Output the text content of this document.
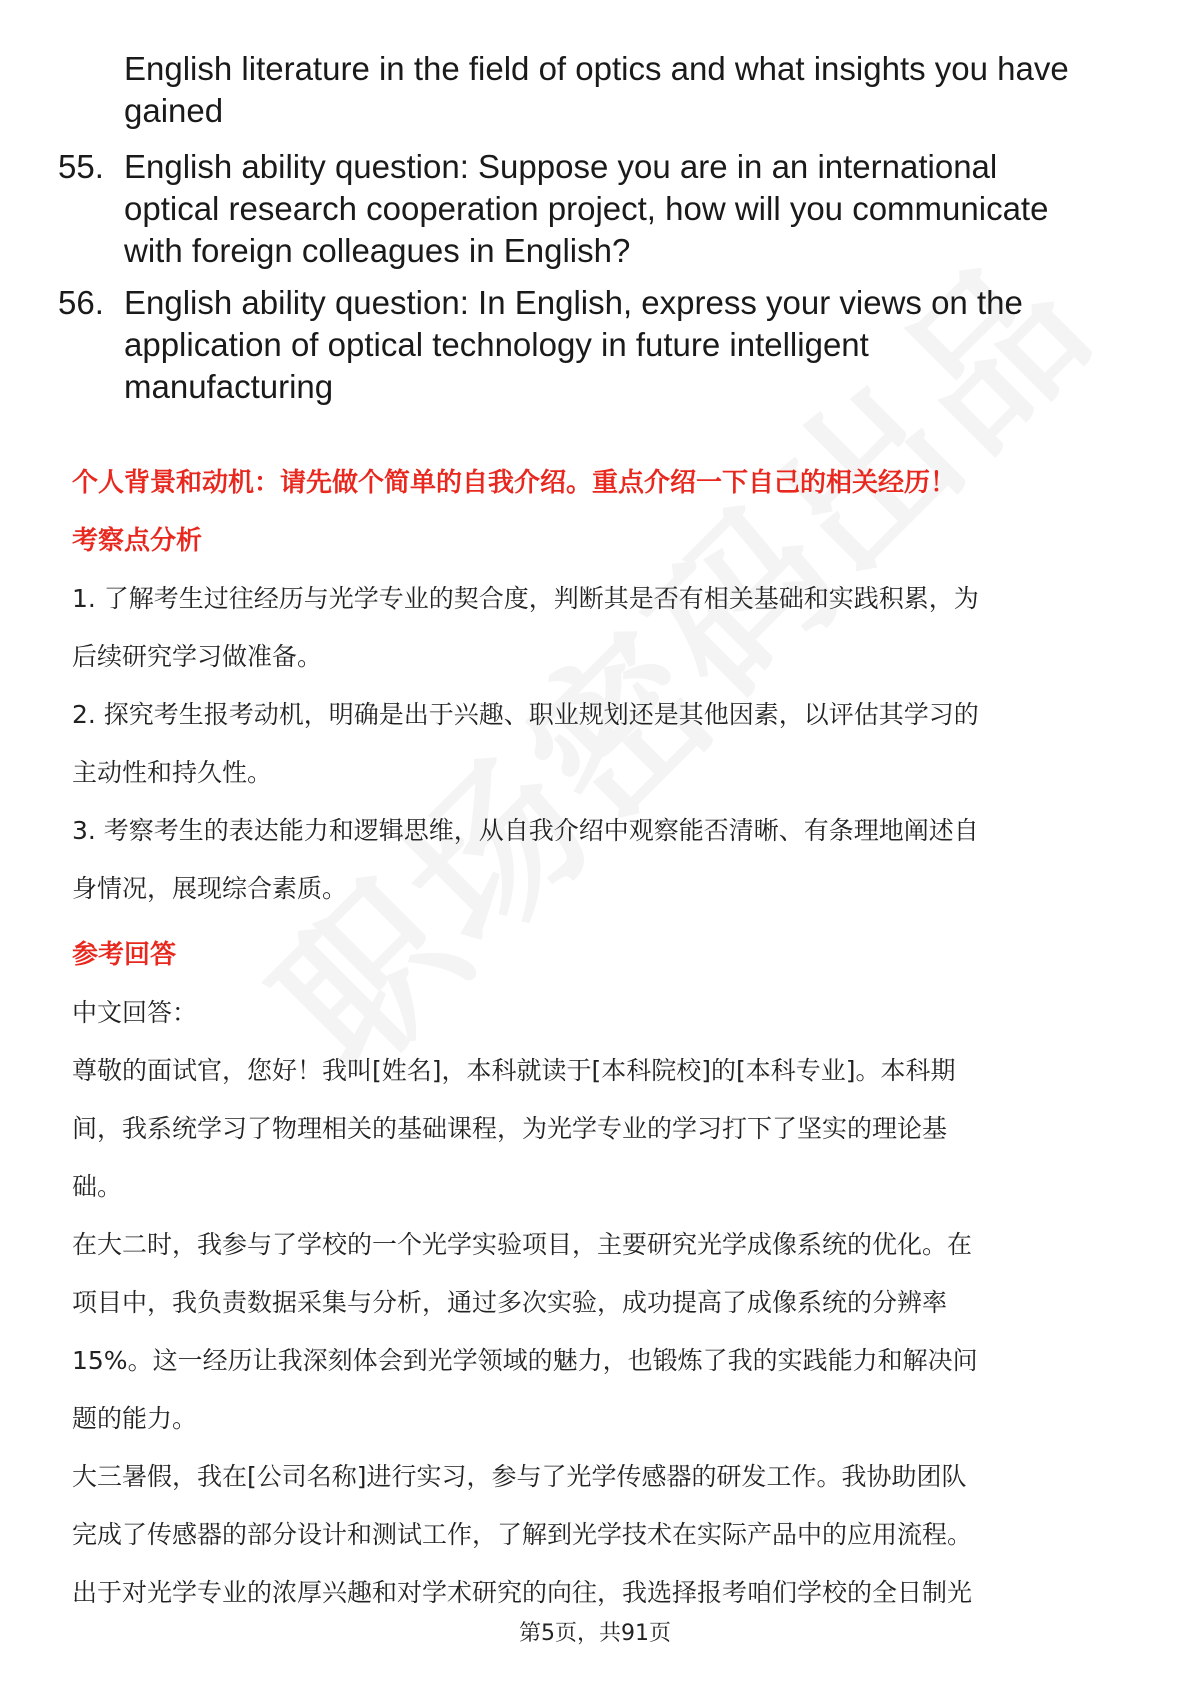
English literature in the field of optics and what insights you have
gained
55. English ability question: Suppose you are in an international
optical research cooperation project, how will you communicate
with foreign colleagues in English?
56. English ability question: In English, express your views on the
application of optical technology in future intelligent
manufacturing
个人背景和动机：请先做个简单的自我介绍。重点介绍一下自己的相关经历！
考察点分析
1. 了解考生过往经历与光学专业的契合度，判断其是否有相关基础和实践积累，为
后续研究学习做准备。
2. 探究考生报考动机，明确是出于兴趣、职业规划还是其他因素，以评估其学习的
主动性和持久性。
3. 考察考生的表达能力和逻辑思维，从自我介绍中观察能否清晰、有条理地阐述自
身情况，展现综合素质。
参考回答
中文回答：
尊敬的面试官，您好！我叫[姓名]，本科就读于[本科院校]的[本科专业]。本科期
间，我系统学习了物理相关的基础课程，为光学专业的学习打下了坚实的理论基
础。
在大二时，我参与了学校的一个光学实验项目，主要研究光学成像系统的优化。在
项目中，我负责数据采集与分析，通过多次实验，成功提高了成像系统的分辨率
15%。这一经历让我深刻体会到光学领域的魅力，也锻炼了我的实践能力和解决问
题的能力。
大三暑假，我在[公司名称]进行实习，参与了光学传感器的研发工作。我协助团队
完成了传感器的部分设计和测试工作，了解到光学技术在实际产品中的应用流程。
出于对光学专业的浓厚兴趣和对学术研究的向往，我选择报考咱们学校的全日制光
第5页，共91页
